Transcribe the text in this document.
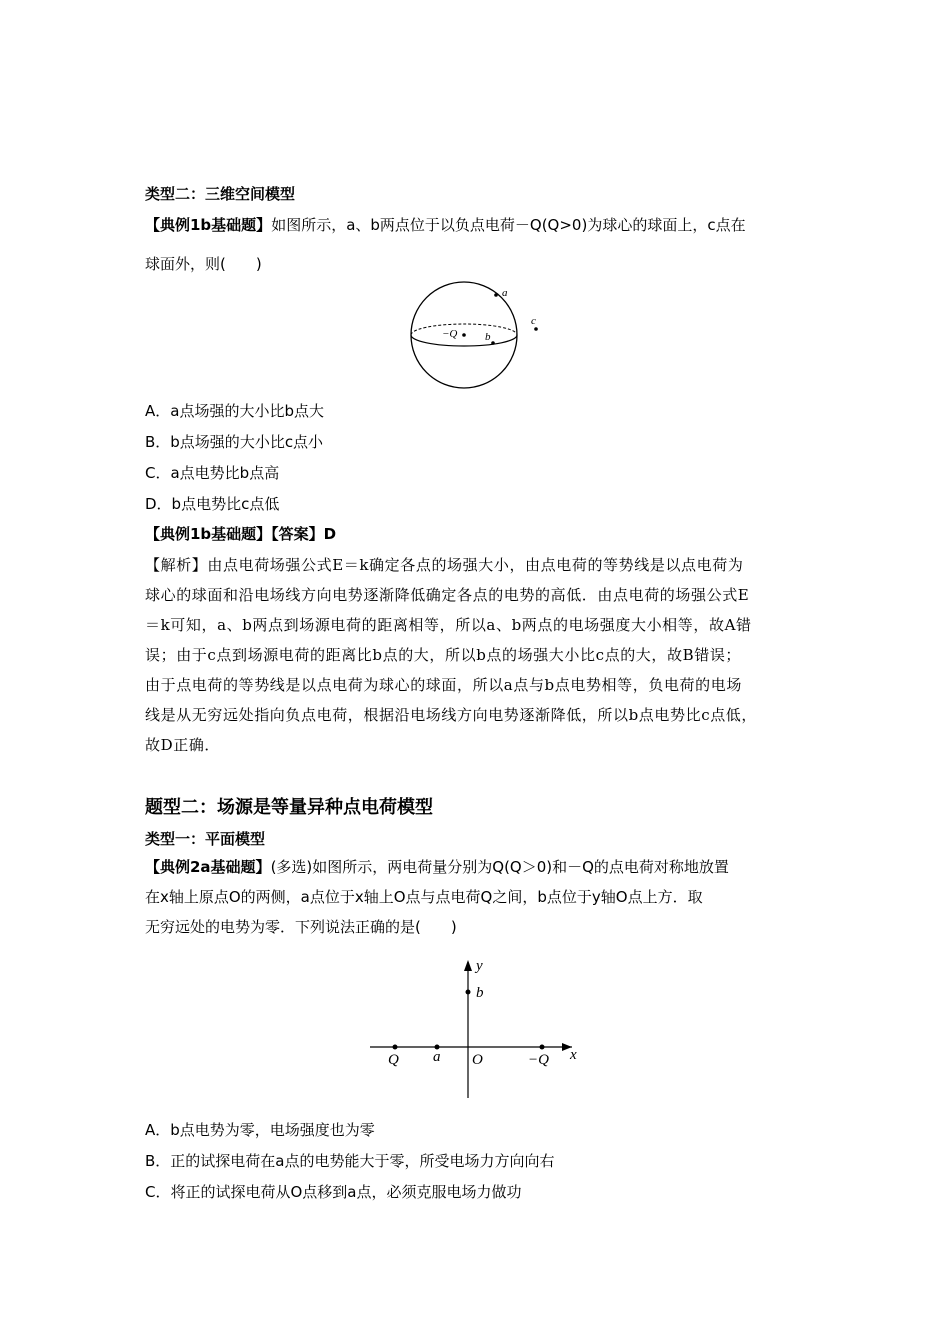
类型二：三维空间模型
【典例1b基础题】如图所示，a、b两点位于以负点电荷－Q(Q>0)为球心的球面上，c点在
球面外，则(　　)
a
c
−Q	b
A．a点场强的大小比b点大
B．b点场强的大小比c点小
C．a点电势比b点高
D．b点电势比c点低
【典例1b基础题】【答案】D
【解析】由点电荷场强公式E＝k确定各点的场强大小，由点电荷的等势线是以点电荷为
球心的球面和沿电场线方向电势逐渐降低确定各点的电势的高低．由点电荷的场强公式E
＝k可知，a、b两点到场源电荷的距离相等，所以a、b两点的电场强度大小相等，故A错
误；由于c点到场源电荷的距离比b点的大，所以b点的场强大小比c点的大，故B错误；
由于点电荷的等势线是以点电荷为球心的球面，所以a点与b点电势相等，负电荷的电场
线是从无穷远处指向负点电荷，根据沿电场线方向电势逐渐降低，所以b点电势比c点低，
故D正确．
题型二：场源是等量异种点电荷模型
类型一：平面模型
【典例2a基础题】(多选)如图所示，两电荷量分别为Q(Q＞0)和－Q的点电荷对称地放置
在x轴上原点O的两侧，a点位于x轴上O点与点电荷Q之间，b点位于y轴O点上方．取
无穷远处的电势为零．下列说法正确的是(　　)
y
b
Q a O	−Q x
A．b点电势为零，电场强度也为零
B．正的试探电荷在a点的电势能大于零，所受电场力方向向右
C．将正的试探电荷从O点移到a点，必须克服电场力做功
